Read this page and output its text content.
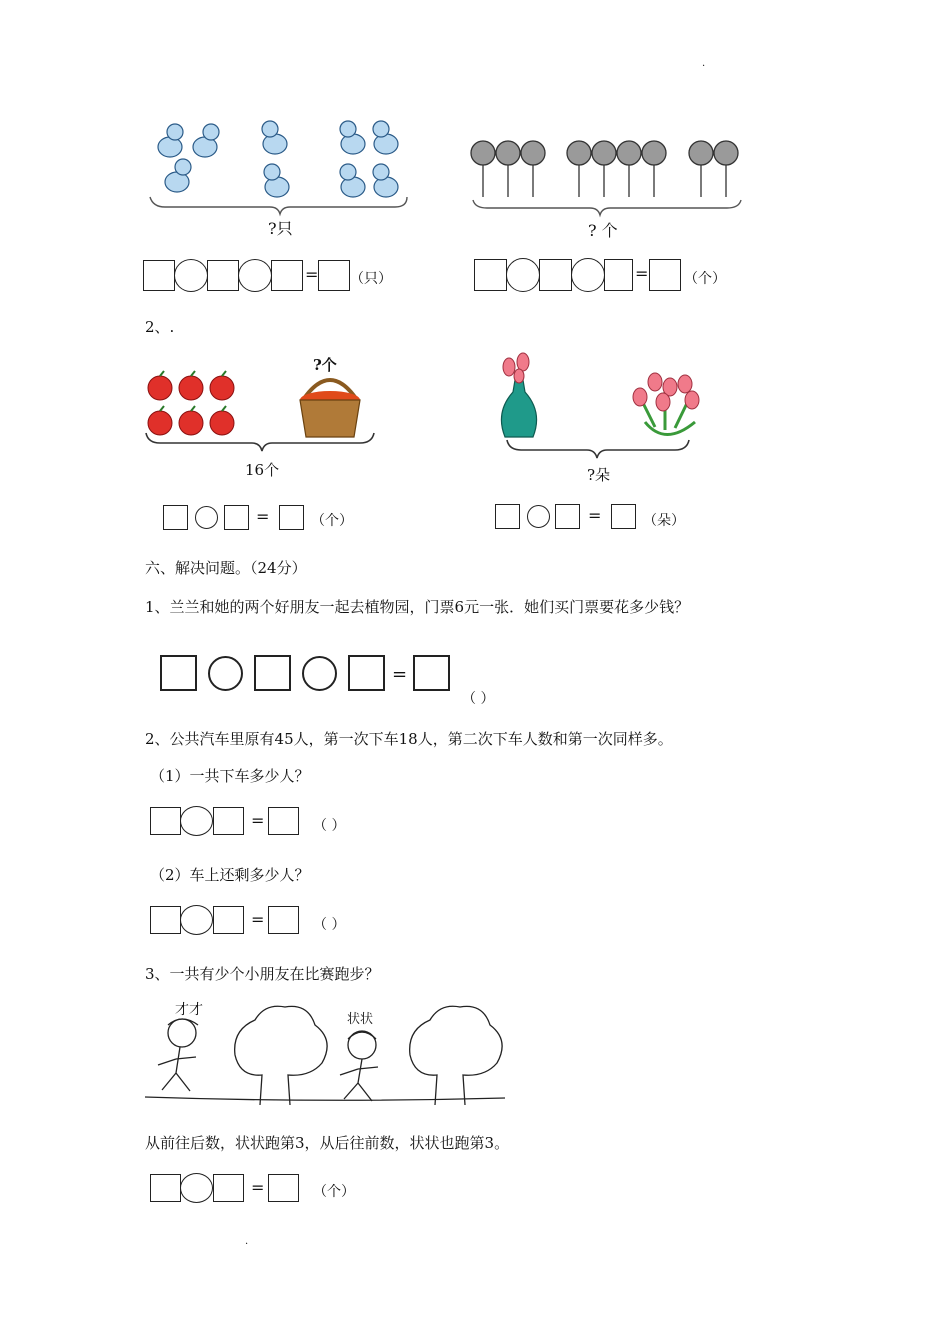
.
.
?只
= （只）
? 个
=	（个）
2、.
?个
16个
=	（个）
?朵
=	（朵）
六、解决问题。（24分）
1、兰兰和她的两个好朋友一起去植物园，门票6元一张．她们买门票要花多少钱？
=
（ ）
2、公共汽车里原有45人，第一次下车18人，第二次下车人数和第一次同样多。
（1）一共下车多少人？
=	（ ）
（2）车上还剩多少人？
=	（ ）
3、一共有少个小朋友在比赛跑步？
才才
状状
从前往后数，状状跑第3，从后往前数，状状也跑第3。
=	（个）
